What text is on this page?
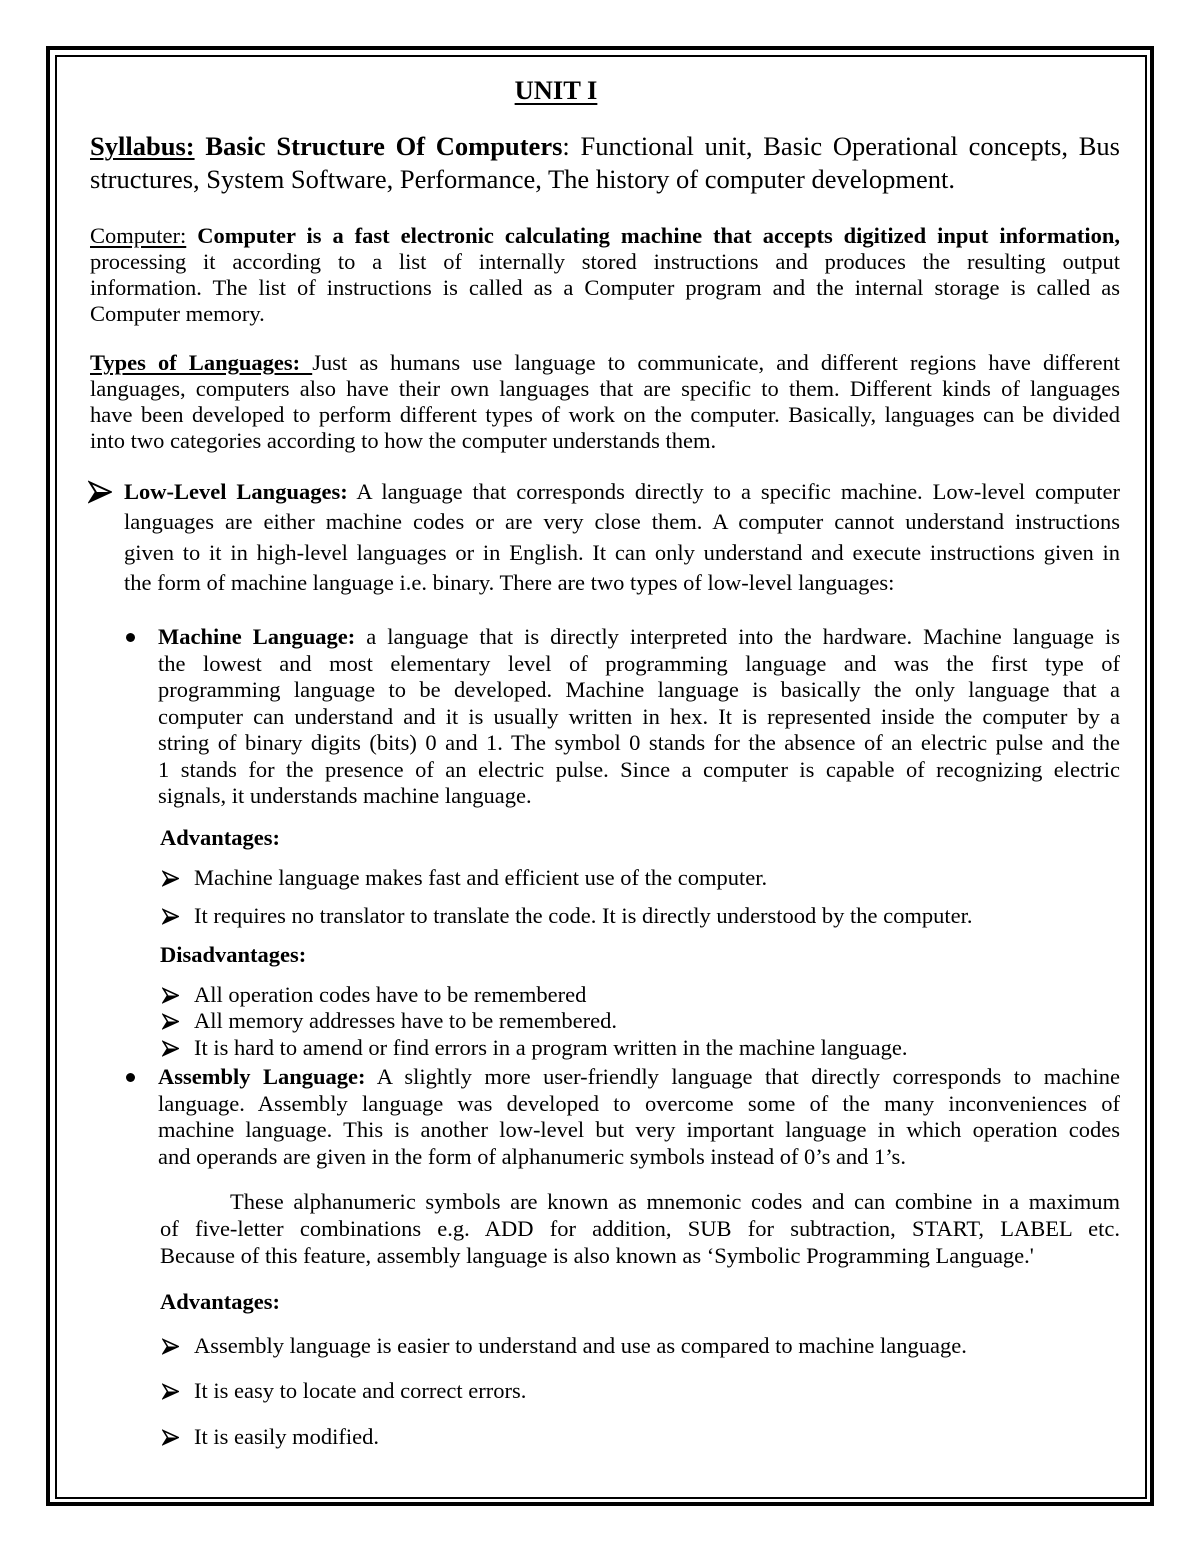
UNIT I
Syllabus: Basic Structure Of Computers: Functional unit, Basic Operational concepts, Bus
structures, System Software, Performance, The history of computer development.
Computer: Computer is a fast electronic calculating machine that accepts digitized input information,
processing it according to a list of internally stored instructions and produces the resulting output
information. The list of instructions is called as a Computer program and the internal storage is called as
Computer memory.
Types of Languages: Just as humans use language to communicate, and different regions have different
languages, computers also have their own languages that are specific to them. Different kinds of languages
have been developed to perform different types of work on the computer. Basically, languages can be divided
into two categories according to how the computer understands them.
Low-Level Languages: A language that corresponds directly to a specific machine. Low-level computer
languages are either machine codes or are very close them. A computer cannot understand instructions
given to it in high-level languages or in English. It can only understand and execute instructions given in
the form of machine language i.e. binary. There are two types of low-level languages:
Machine Language: a language that is directly interpreted into the hardware. Machine language is
the lowest and most elementary level of programming language and was the first type of
programming language to be developed. Machine language is basically the only language that a
computer can understand and it is usually written in hex. It is represented inside the computer by a
string of binary digits (bits) 0 and 1. The symbol 0 stands for the absence of an electric pulse and the
1 stands for the presence of an electric pulse. Since a computer is capable of recognizing electric
signals, it understands machine language.
Advantages:
Machine language makes fast and efficient use of the computer.
It requires no translator to translate the code. It is directly understood by the computer.
Disadvantages:
All operation codes have to be remembered
All memory addresses have to be remembered.
It is hard to amend or find errors in a program written in the machine language.
Assembly Language: A slightly more user-friendly language that directly corresponds to machine
language. Assembly language was developed to overcome some of the many inconveniences of
machine language. This is another low-level but very important language in which operation codes
and operands are given in the form of alphanumeric symbols instead of 0’s and 1’s.
These alphanumeric symbols are known as mnemonic codes and can combine in a maximum
of five-letter combinations e.g. ADD for addition, SUB for subtraction, START, LABEL etc.
Because of this feature, assembly language is also known as ‘Symbolic Programming Language.'
Advantages:
Assembly language is easier to understand and use as compared to machine language.
It is easy to locate and correct errors.
It is easily modified.
